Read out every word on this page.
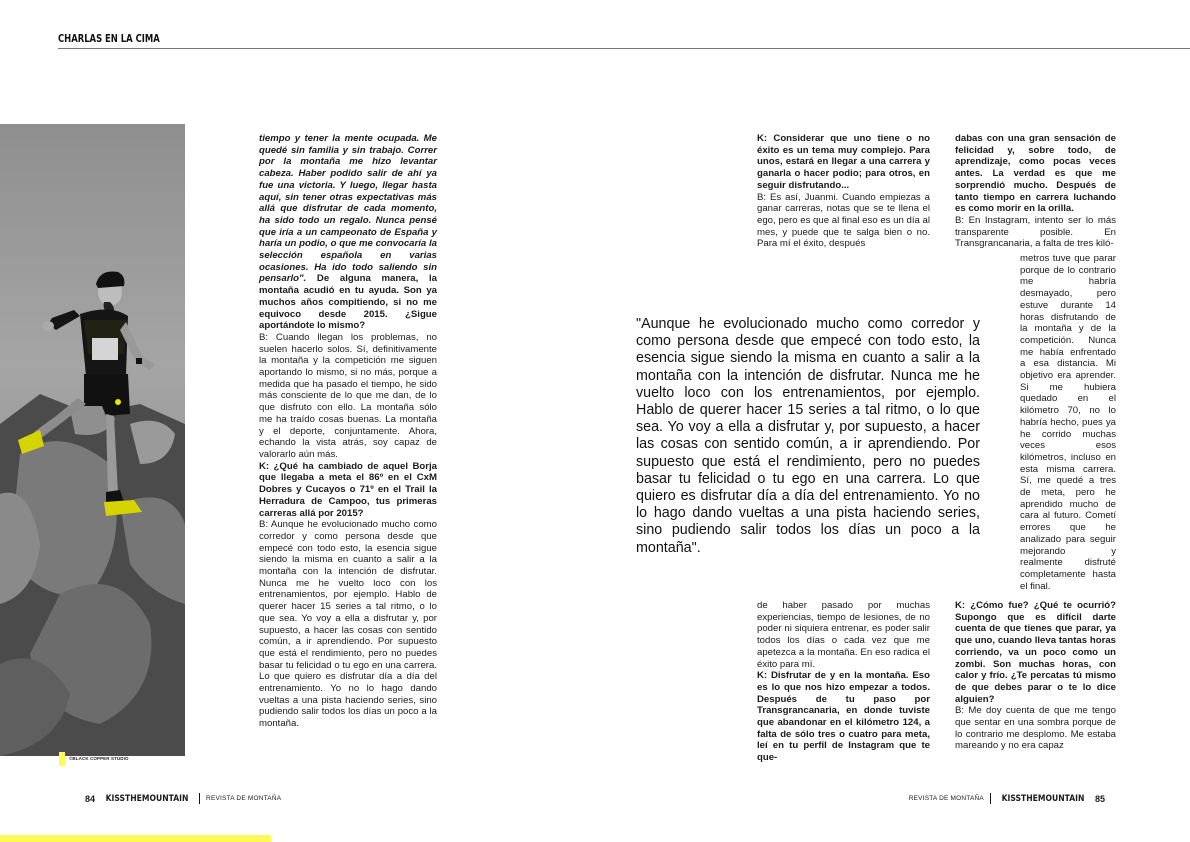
CHARLAS EN LA CIMA
©BLACK COPPER STUDIO

tiempo y tener la mente ocupada. Me quedé sin familia y sin trabajo. Correr por la montaña me hizo levantar cabeza. Haber podido salir de ahí ya fue una victoria. Y luego, llegar hasta aquí, sin tener otras expectativas más allá que disfrutar de cada momento, ha sido todo un regalo. Nunca pensé que iría a un campeonato de España y haría un podio, o que me convocaría la selección española en varias ocasiones. Ha ido todo saliendo sin pensarlo". De alguna manera, la montaña acudió en tu ayuda. Son ya muchos años compitiendo, si no me equivoco desde 2015. ¿Sigue aportándote lo mismo?

B: Cuando llegan los problemas, no suelen hacerlo solos. Sí, definitivamente la montaña y la competición me siguen aportando lo mismo, si no más, porque a medida que ha pasado el tiempo, he sido más consciente de lo que me dan, de lo que disfruto con ello. La montaña sólo me ha traído cosas buenas. La montaña y el deporte, conjuntamente. Ahora, echando la vista atrás, soy capaz de valorarlo aún más.

K: ¿Qué ha cambiado de aquel Borja que llegaba a meta el 86º en el CxM Dobres y Cucayos o 71º en el Trail la Herradura de Campoo, tus primeras carreras allá por 2015?

B: Aunque he evolucionado mucho como corredor y como persona desde que empecé con todo esto, la esencia sigue siendo la misma en cuanto a salir a la montaña con la intención de disfrutar. Nunca me he vuelto loco con los entrenamientos, por ejemplo. Hablo de querer hacer 15 series a tal ritmo, o lo que sea. Yo voy a ella a disfrutar y, por supuesto, a hacer las cosas con sentido común, a ir aprendiendo. Por supuesto que está el rendimiento, pero no puedes basar tu felicidad o tu ego en una carrera. Lo que quiero es disfrutar día a día del entrenamiento. Yo no lo hago dando vueltas a una pista haciendo series, sino pudiendo salir todos los días un poco a la montaña.

K: Considerar que uno tiene o no éxito es un tema muy complejo. Para unos, estará en llegar a una carrera y ganarla o hacer podio; para otros, en seguir disfrutando...

B: Es así, Juanmi. Cuando empiezas a ganar carreras, notas que se te llena el ego, pero es que al final eso es un día al mes, y puede que te salga bien o no. Para mí el éxito, después

dabas con una gran sensación de felicidad y, sobre todo, de aprendizaje, como pocas veces antes. La verdad es que me sorprendió mucho. Después de tanto tiempo en carrera luchando es como morir en la orilla.

B: En Instagram, intento ser lo más transparente posible. En Transgrancanaria, a falta de tres kiló-

metros tuve que parar porque de lo contrario me habría desmayado, pero estuve durante 14 horas disfrutando de la montaña y de la competición. Nunca me había enfrentado a esa distancia. Mi objetivo era aprender. Si me hubiera quedado en el kilómetro 70, no lo habría hecho, pues ya he corrido muchas veces esos kilómetros, incluso en esta misma carrera. Sí, me quedé a tres de meta, pero he aprendido mucho de cara al futuro. Cometí errores que he analizado para seguir mejorando y realmente disfruté completamente hasta el final.

"Aunque he evolucionado mucho como corredor y como persona desde que empecé con todo esto, la esencia sigue siendo la misma en cuanto a salir a la montaña con la intención de disfrutar. Nunca me he vuelto loco con los entrenamientos, por ejemplo. Hablo de querer hacer 15 series a tal ritmo, o lo que sea. Yo voy a ella a disfrutar y, por supuesto, a hacer las cosas con sentido común, a ir aprendiendo. Por supuesto que está el rendimiento, pero no puedes basar tu felicidad o tu ego en una carrera. Lo que quiero es disfrutar día a día del entrenamiento. Yo no lo hago dando vueltas a una pista haciendo series, sino pudiendo salir todos los días un poco a la montaña".

de haber pasado por muchas experiencias, tiempo de lesiones, de no poder ni siquiera entrenar, es poder salir todos los días o cada vez que me apetezca a la montaña. En eso radica el éxito para mí.

K: Disfrutar de y en la montaña. Eso es lo que nos hizo empezar a todos. Después de tu paso por Transgrancanaria, en donde tuviste que abandonar en el kilómetro 124, a falta de sólo tres o cuatro para meta, leí en tu perfil de Instagram que te que-

K: ¿Cómo fue? ¿Qué te ocurrió? Supongo que es difícil darte cuenta de que tienes que parar, ya que uno, cuando lleva tantas horas corriendo, va un poco como un zombi. Son muchas horas, con calor y frío. ¿Te percatas tú mismo de que debes parar o te lo dice alguien?

B: Me doy cuenta de que me tengo que sentar en una sombra porque de lo contrario me desplomo. Me estaba mareando y no era capaz

84 KISSTHEMOUNTAIN	REVISTA DE MONTAÑA	REVISTA DE MONTAÑA KISSTHEMOUNTAIN 85
